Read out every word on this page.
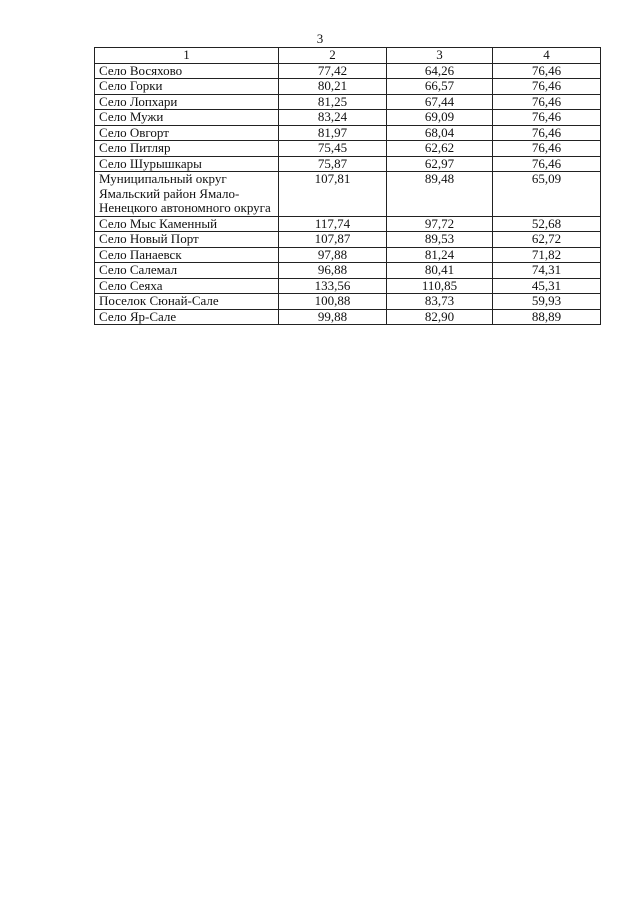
3
1	2	3	4
Село Восяхово	77,42	64,26	76,46
Село Горки	80,21	66,57	76,46
Село Лопхари	81,25	67,44	76,46
Село Мужи	83,24	69,09	76,46
Село Овгорт	81,97	68,04	76,46
Село Питляр	75,45	62,62	76,46
Село Шурышкары	75,87	62,97	76,46
Муниципальный округ Ямальский район Ямало-Ненецкого автономного округа	107,81	89,48	65,09
Село Мыс Каменный	117,74	97,72	52,68
Село Новый Порт	107,87	89,53	62,72
Село Панаевск	97,88	81,24	71,82
Село Салемал	96,88	80,41	74,31
Село Сеяха	133,56	110,85	45,31
Поселок Сюнай-Сале	100,88	83,73	59,93
Село Яр-Сале	99,88	82,90	88,89
